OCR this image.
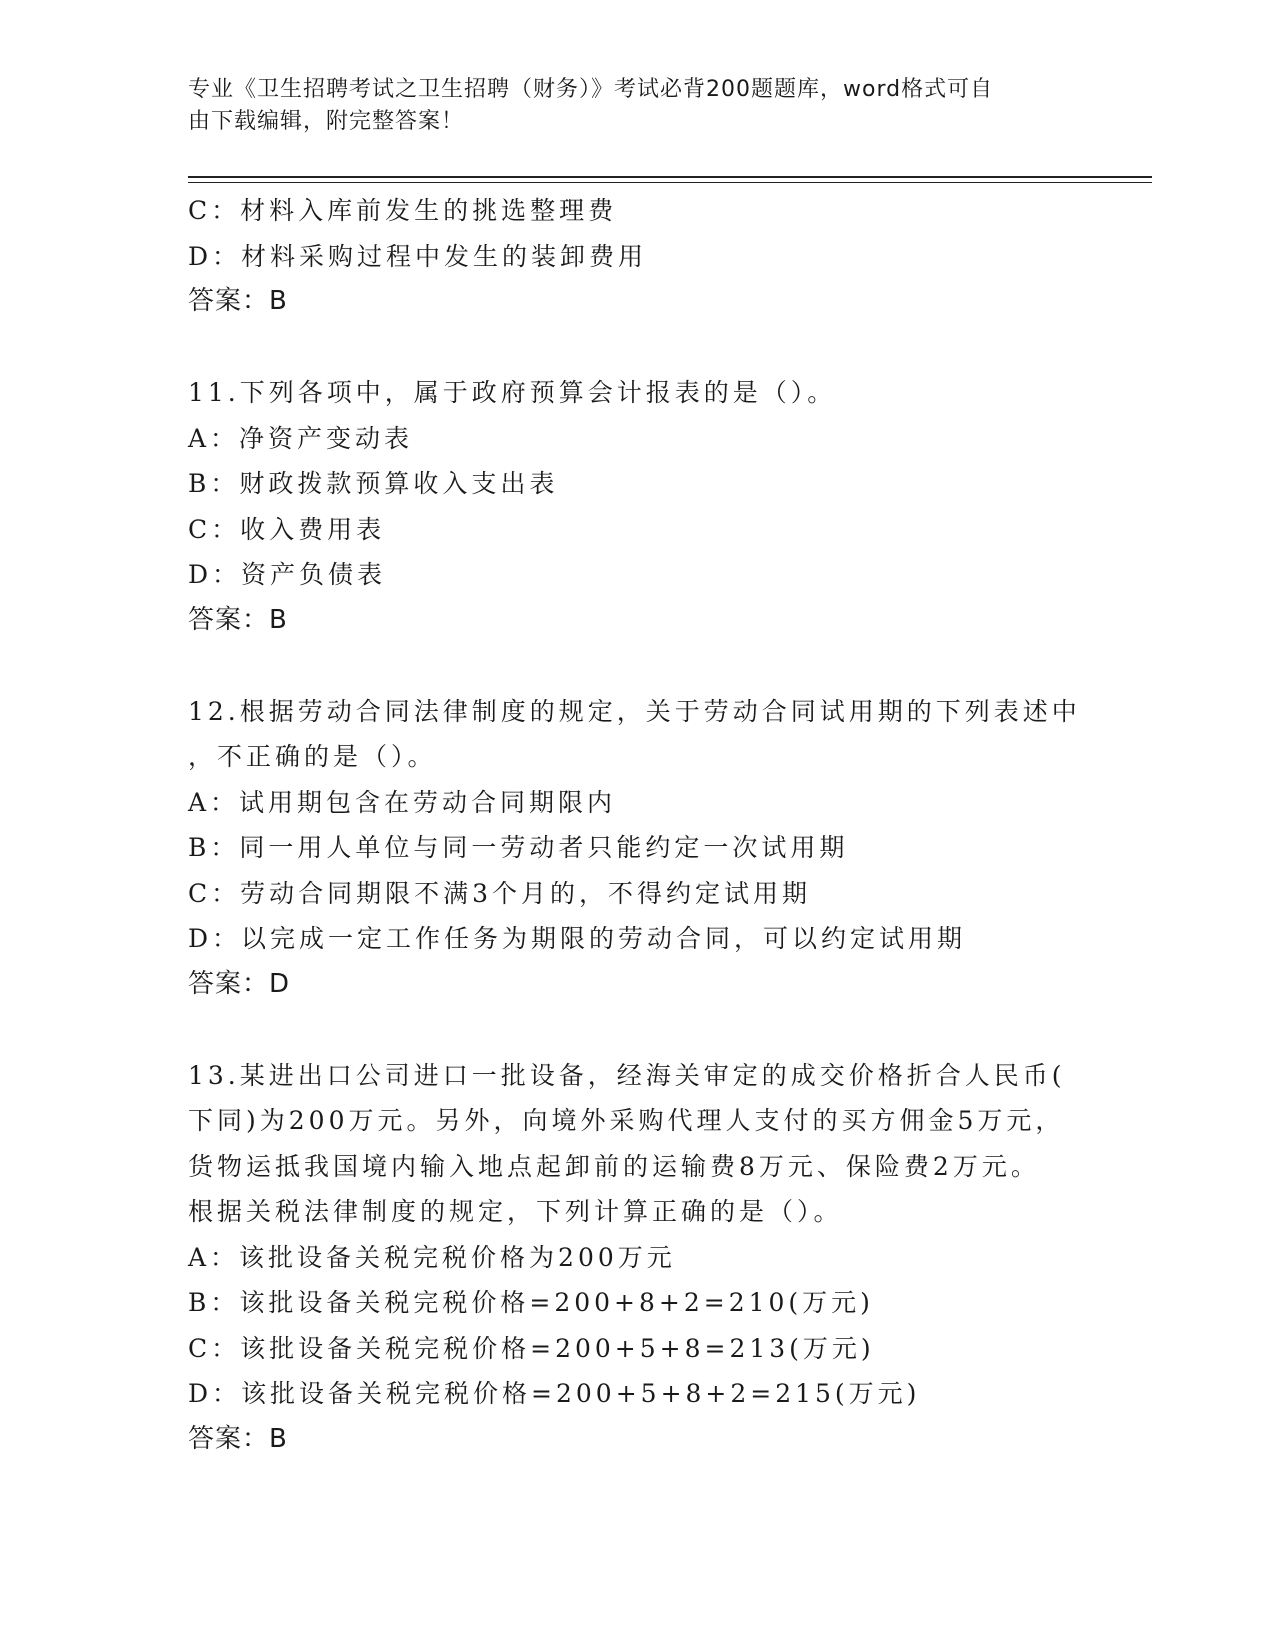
专业《卫生招聘考试之卫生招聘（财务）》考试必背200题题库，word格式可自
由下载编辑，附完整答案！
C：材料入库前发生的挑选整理费
D：材料采购过程中发生的装卸费用
答案：B
11.下列各项中，属于政府预算会计报表的是（）。
A：净资产变动表
B：财政拨款预算收入支出表
C：收入费用表
D：资产负债表
答案：B
12.根据劳动合同法律制度的规定，关于劳动合同试用期的下列表述中
，不正确的是（）。
A：试用期包含在劳动合同期限内
B：同一用人单位与同一劳动者只能约定一次试用期
C：劳动合同期限不满3个月的，不得约定试用期
D：以完成一定工作任务为期限的劳动合同，可以约定试用期
答案：D
13.某进出口公司进口一批设备，经海关审定的成交价格折合人民币(
下同)为200万元。另外，向境外采购代理人支付的买方佣金5万元，
货物运抵我国境内输入地点起卸前的运输费8万元、保险费2万元。
根据关税法律制度的规定，下列计算正确的是（）。
A：该批设备关税完税价格为200万元
B：该批设备关税完税价格=200+8+2=210(万元)
C：该批设备关税完税价格=200+5+8=213(万元)
D：该批设备关税完税价格=200+5+8+2=215(万元)
答案：B
